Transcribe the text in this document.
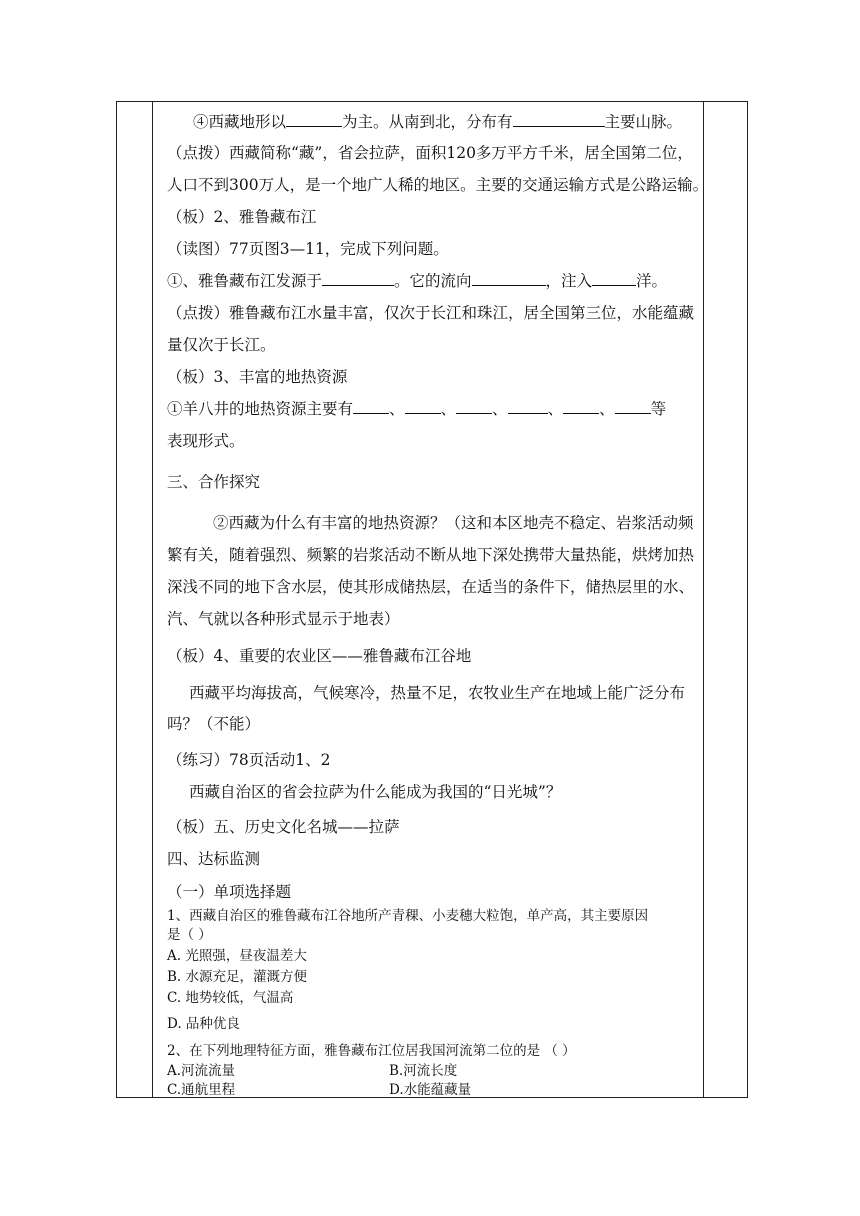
④西藏地形以	为主。从南到北，分布有	主要山脉。
（点拨）西藏简称“藏”，省会拉萨，面积120多万平方千米，居全国第二位，
人口不到300万人，是一个地广人稀的地区。主要的交通运输方式是公路运输。
（板）2、雅鲁藏布江
（读图）77页图3—11，完成下列问题。
①、雅鲁藏布江发源于	。它的流向	，注入	洋。
（点拨）雅鲁藏布江水量丰富，仅次于长江和珠江，居全国第三位，水能蕴藏
量仅次于长江。
（板）3、丰富的地热资源
①羊八井的地热资源主要有 、 、 、	、 、 等
表现形式。
三、合作探究
②西藏为什么有丰富的地热资源？（这和本区地壳不稳定、岩浆活动频
繁有关，随着强烈、频繁的岩浆活动不断从地下深处携带大量热能，烘烤加热
深浅不同的地下含水层，使其形成储热层，在适当的条件下，储热层里的水、
汽、气就以各种形式显示于地表）
（板）4、重要的农业区——雅鲁藏布江谷地
西藏平均海拔高，气候寒冷，热量不足，农牧业生产在地域上能广泛分布
吗？（不能）
（练习）78页活动1、2
西藏自治区的省会拉萨为什么能成为我国的“日光城”？
（板）五、历史文化名城——拉萨
四、达标监测
（一）单项选择题
1、西藏自治区的雅鲁藏布江谷地所产青稞、小麦穗大粒饱，单产高，其主要原因
是（ ）
A. 光照强，昼夜温差大
B. 水源充足，灌溉方便
C. 地势较低，气温高
D. 品种优良
2、在下列地理特征方面，雅鲁藏布江位居我国河流第二位的是 （ ）
A.河流流量	B.河流长度
C.通航里程	D.水能蕴藏量
